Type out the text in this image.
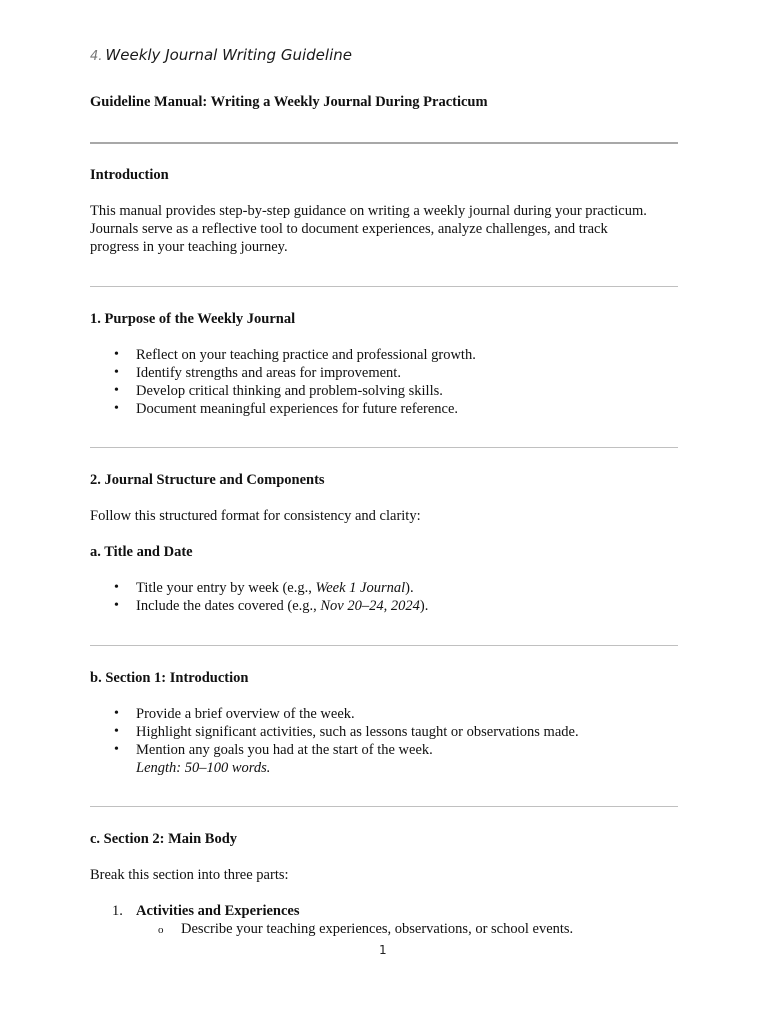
4. Weekly Journal Writing Guideline
Guideline Manual: Writing a Weekly Journal During Practicum
Introduction
This manual provides step-by-step guidance on writing a weekly journal during your practicum.
Journals serve as a reflective tool to document experiences, analyze challenges, and track
progress in your teaching journey.
1. Purpose of the Weekly Journal
• Reflect on your teaching practice and professional growth.
• Identify strengths and areas for improvement.
• Develop critical thinking and problem-solving skills.
• Document meaningful experiences for future reference.
2. Journal Structure and Components
Follow this structured format for consistency and clarity:
a. Title and Date
• Title your entry by week (e.g., Week 1 Journal).
• Include the dates covered (e.g., Nov 20–24, 2024).
b. Section 1: Introduction
• Provide a brief overview of the week.
• Highlight significant activities, such as lessons taught or observations made.
• Mention any goals you had at the start of the week.
Length: 50–100 words.
c. Section 2: Main Body
Break this section into three parts:
1. Activities and Experiences
o Describe your teaching experiences, observations, or school events.
1
